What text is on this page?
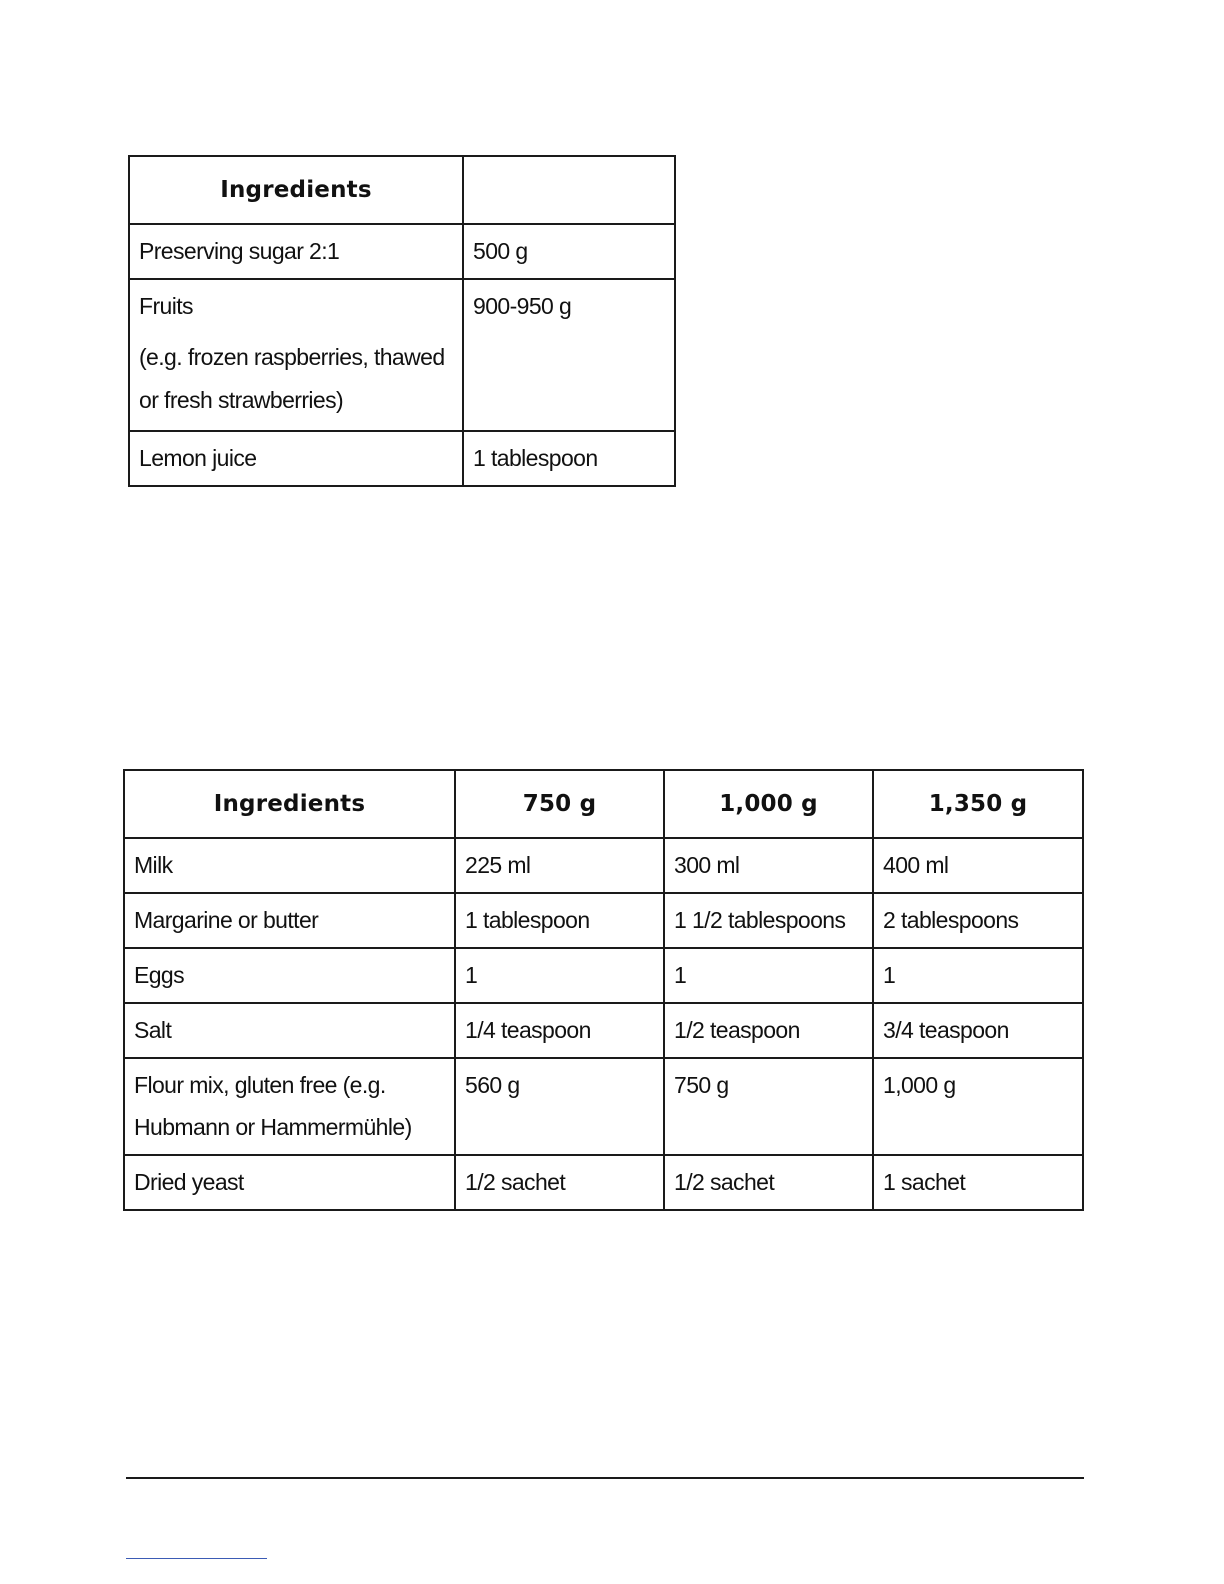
Ingredients	
Preserving sugar 2:1	500 g
Fruits
(e.g. frozen raspberries, thawed or fresh strawberries)	900-950 g
Lemon juice	1 tablespoon
Ingredients	750 g	1,000 g	1,350 g
Milk	225 ml	300 ml	400 ml
Margarine or butter	1 tablespoon	1 1/2 tablespoons	2 tablespoons
Eggs	1	1	1
Salt	1/4 teaspoon	1/2 teaspoon	3/4 teaspoon

Flour mix, gluten free (e.g. Hubmann or Hammermühle)	560 g	750 g	1,000 g
Dried yeast	1/2 sachet	1/2 sachet	1 sachet
